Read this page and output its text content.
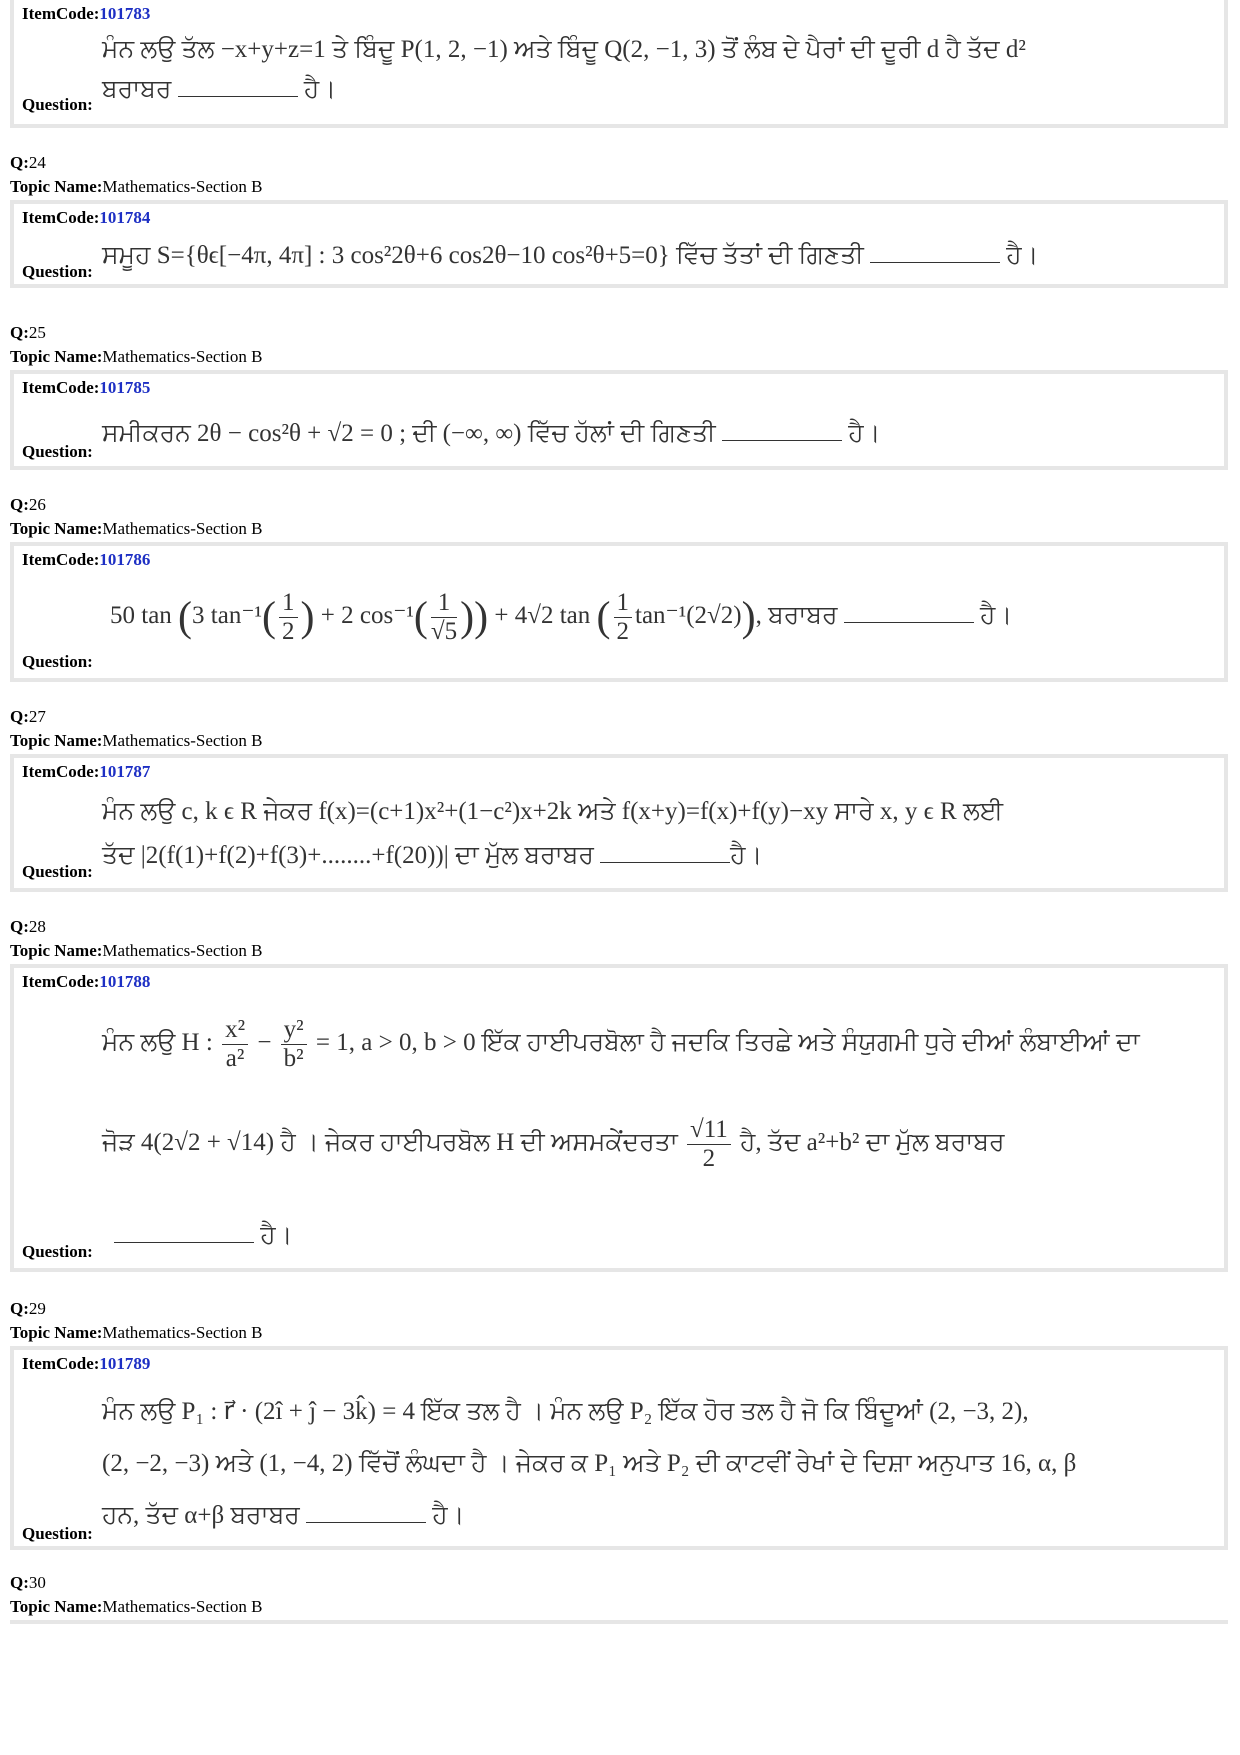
ItemCode:101783
ਮੰਨ ਲਉ ਤੱਲ −x+y+z=1 ਤੇ ਬਿੰਦੂ P(1, 2, −1) ਅਤੇ ਬਿੰਦੂ Q(2, −1, 3) ਤੋਂ ਲੰਬ ਦੇ ਪੈਰਾਂ ਦੀ ਦੂਰੀ d ਹੈ ਤੱਦ d²
ਬਰਾਬਰ	ਹੈ।
Question:
Q:24
Topic Name:Mathematics-Section B
ItemCode:101784
ਸਮੂਹ S={θϵ[−4π, 4π] : 3 cos²2θ+6 cos2θ−10 cos²θ+5=0} ਵਿੱਚ ਤੱਤਾਂ ਦੀ ਗਿਣਤੀ	ਹੈ।
Question:
Q:25
Topic Name:Mathematics-Section B
ItemCode:101785
ਸਮੀਕਰਨ 2θ − cos²θ + √2 = 0 ; ਦੀ (−∞, ∞) ਵਿੱਚ ਹੱਲਾਂ ਦੀ ਗਿਣਤੀ	ਹੈ।
Question:
Q:26
Topic Name:Mathematics-Section B
ItemCode:101786
50 tan (3 $\tan^{-1}( \frac{1}{2}$ ) + 2 $\cos^{-1}( \frac{1}{√5}$ )) + 4√2 tan ( $\frac{1}{2} \tan^{-1}(2√2)$), ਬਰਾਬਰ	ਹੈ।
Question:
Q:27
Topic Name:Mathematics-Section B
ItemCode:101787
ਮੰਨ ਲਉ c, k ϵ R ਜੇਕਰ f(x)=(c+1)x²+(1−c²)x+2k ਅਤੇ f(x+y)=f(x)+f(y)−xy ਸਾਰੇ x, y ϵ R ਲਈ
ਤੱਦ |2(f(1)+f(2)+f(3)+........+f(20))| ਦਾ ਮੁੱਲ ਬਰਾਬਰ	ਹੈ।
Question:
Q:28
Topic Name:Mathematics-Section B
ItemCode:101788
ਮੰਨ ਲਉ H : $\frac{\text{x²}}{\text{a²}} - \frac{\text{y²}}{\text{b²}} = 1$, a > 0, b > 0 ਇੱਕ ਹਾਈਪਰਬੋਲਾ ਹੈ ਜਦਕਿ ਤਿਰਛੇ ਅਤੇ ਸੰਯੁਗਮੀ ਧੁਰੇ ਦੀਆਂ ਲੰਬਾਈਆਂ ਦਾ
ਜੋੜ 4(2√2 + √14) ਹੈ । ਜੇਕਰ ਹਾਈਪਰਬੋਲ H ਦੀ ਅਸਮਕੇਂਦਰਤਾ $\frac{√11}{2}$ ਹੈ, ਤੱਦ a²+b² ਦਾ ਮੁੱਲ ਬਰਾਬਰ
ਹੈ।
Question:
Q:29
Topic Name:Mathematics-Section B
ItemCode:101789
ਮੰਨ ਲਉ P₁ : r⃗ · (2î + ĵ − 3k̂) = 4 ਇੱਕ ਤਲ ਹੈ । ਮੰਨ ਲਉ P₂ ਇੱਕ ਹੋਰ ਤਲ ਹੈ ਜੋ ਕਿ ਬਿੰਦੂਆਂ (2, −3, 2),
(2, −2, −3) ਅਤੇ (1, −4, 2) ਵਿੱਚੋਂ ਲੰਘਦਾ ਹੈ । ਜੇਕਰ ਕ P₁ ਅਤੇ P₂ ਦੀ ਕਾਟਵੀਂ ਰੇਖਾਂ ਦੇ ਦਿਸ਼ਾ ਅਨੁਪਾਤ 16, α, β
ਹਨ, ਤੱਦ α+β ਬਰਾਬਰ	ਹੈ।
Question:
Q:30
Topic Name:Mathematics-Section B
